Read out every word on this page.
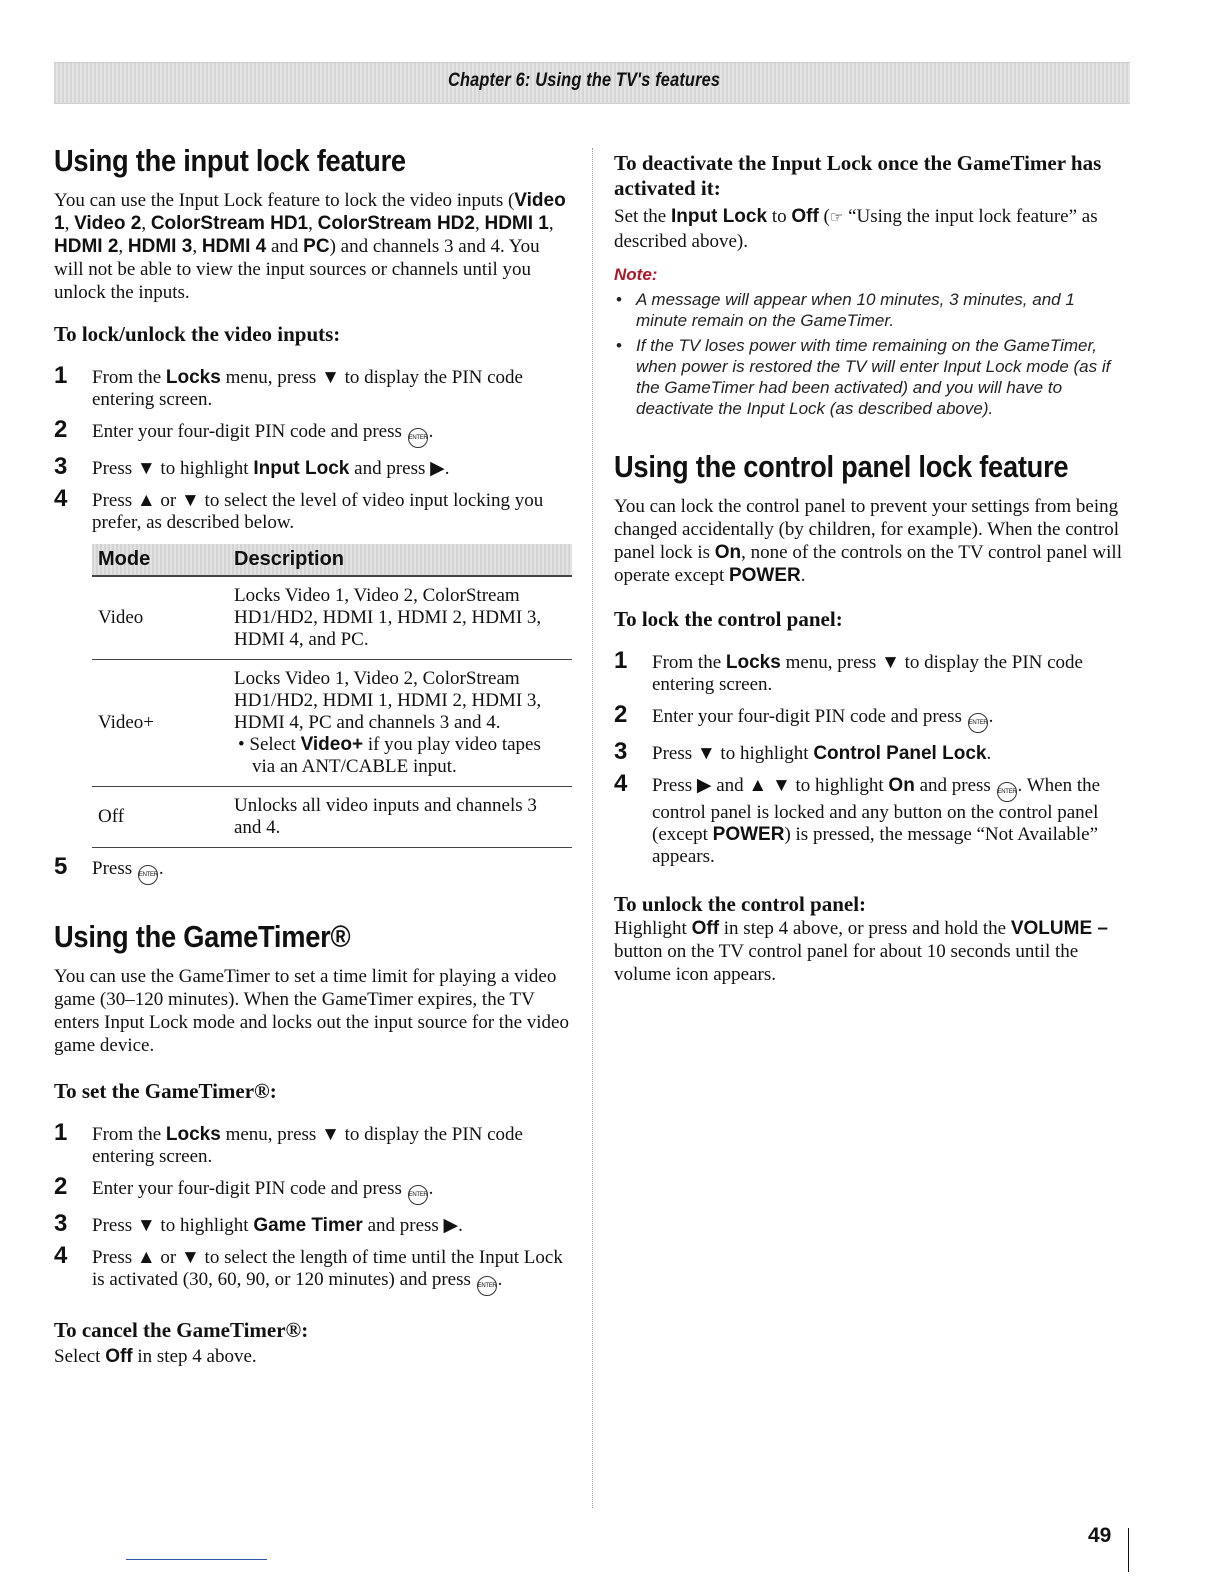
Chapter 6: Using the TV's features
Using the input lock feature

You can use the Input Lock feature to lock the video inputs (Video 1, Video 2, ColorStream HD1, ColorStream HD2, HDMI 1, HDMI 2, HDMI 3, HDMI 4 and PC) and channels 3 and 4. You will not be able to view the input sources or channels until you unlock the inputs.

To lock/unlock the video inputs:
1 From the Locks menu, press ▼ to display the PIN code entering screen.
2 Enter your four-digit PIN code and press ENTER.
3 Press ▼ to highlight Input Lock and press ▶.
4 Press ▲ or ▼ to select the level of video input locking you prefer, as described below.
Mode	Description
Video	Locks Video 1, Video 2, ColorStream HD1/HD2, HDMI 1, HDMI 2, HDMI 3, HDMI 4, and PC.
Video+	Locks Video 1, Video 2, ColorStream HD1/HD2, HDMI 1, HDMI 2, HDMI 3, HDMI 4, PC and channels 3 and 4.
• Select Video+ if you play video tapes via an ANT/CABLE input.

Off	Unlocks all video inputs and channels 3 and 4.
5 Press ENTER.
Using the GameTimer®

You can use the GameTimer to set a time limit for playing a video game (30–120 minutes). When the GameTimer expires, the TV enters Input Lock mode and locks out the input source for the video game device.

To set the GameTimer®:
1 From the Locks menu, press ▼ to display the PIN code entering screen.
2 Enter your four-digit PIN code and press ENTER.
3 Press ▼ to highlight Game Timer and press ▶.
4 Press ▲ or ▼ to select the length of time until the Input Lock is activated (30, 60, 90, or 120 minutes) and press ENTER.
To cancel the GameTimer®:

Select Off in step 4 above.

To deactivate the Input Lock once the GameTimer has activated it:

Set the Input Lock to Off (☞ “Using the input lock feature” as described above).

Note:
• A message will appear when 10 minutes, 3 minutes, and 1 minute remain on the GameTimer.
• If the TV loses power with time remaining on the GameTimer, when power is restored the TV will enter Input Lock mode (as if the GameTimer had been activated) and you will have to deactivate the Input Lock (as described above).
Using the control panel lock feature

You can lock the control panel to prevent your settings from being changed accidentally (by children, for example). When the control panel lock is On, none of the controls on the TV control panel will operate except POWER.

To lock the control panel:
1 From the Locks menu, press ▼ to display the PIN code entering screen.
2 Enter your four-digit PIN code and press ENTER.
3 Press ▼ to highlight Control Panel Lock.
4 Press ▶ and ▲ ▼ to highlight On and press ENTER. When the control panel is locked and any button on the control panel (except POWER) is pressed, the message “Not Available” appears.
To unlock the control panel:

Highlight Off in step 4 above, or press and hold the VOLUME – button on the TV control panel for about 10 seconds until the volume icon appears.

49
